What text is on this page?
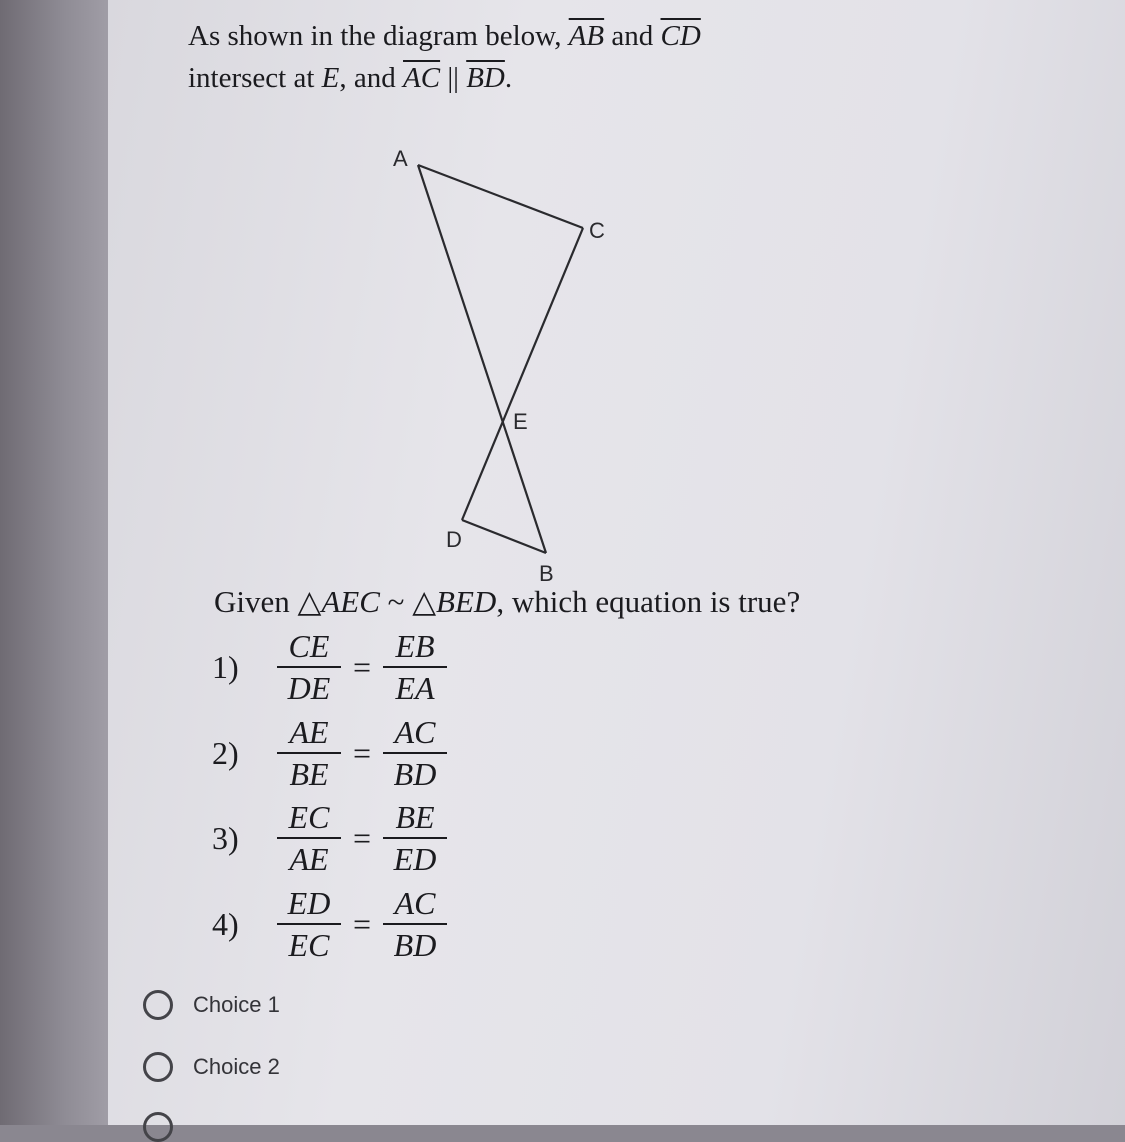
As shown in the diagram below, $\overline{AB}$ and $\overline{CD}$
intersect at E, and $\overline{AC}$ || $\overline{BD}$.
A
C
E
D
B
Given △AEC ~ △BED, which equation is true?
1)	$\frac{CE}{DE} = \frac{EB}{EA}$
2)	$\frac{AE}{BE} = \frac{AC}{BD}$
3)	$\frac{EC}{AE} = \frac{BE}{ED}$
4)	$\frac{ED}{EC} = \frac{AC}{BD}$
Choice 1
Choice 2
